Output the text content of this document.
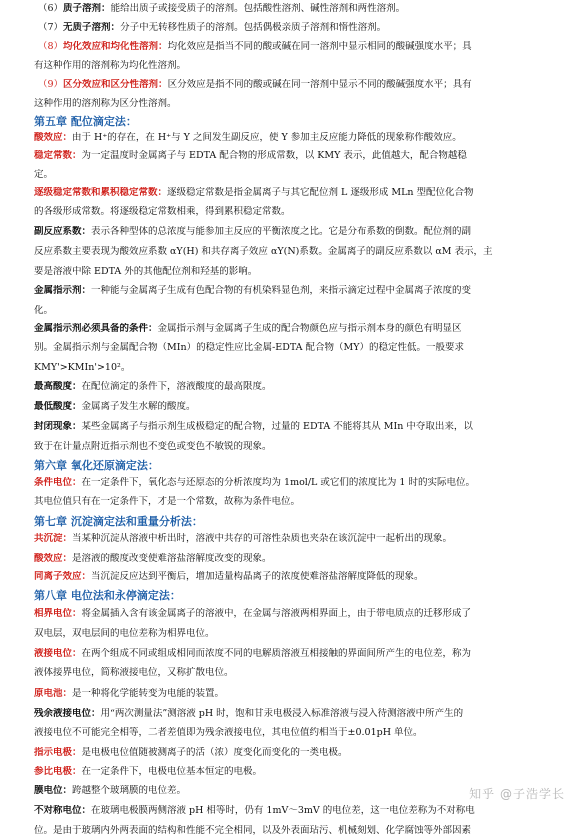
（6）质子溶剂：能给出质子或接受质子的溶剂。包括酸性溶剂、碱性溶剂和两性溶剂。
（7）无质子溶剂：分子中无转移性质子的溶剂。包括偶极亲质子溶剂和惰性溶剂。
（8）均化效应和均化性溶剂：均化效应是指当不同的酸或碱在同一溶剂中显示相同的酸碱强度水平；具
有这种作用的溶剂称为均化性溶剂。
（9）区分效应和区分性溶剂：区分效应是指不同的酸或碱在同一溶剂中显示不同的酸碱强度水平；具有
这种作用的溶剂称为区分性溶剂。
第五章 配位滴定法：
酸效应：由于 H⁺的存在，在 H⁺与 Y 之间发生副反应，使 Y 参加主反应能力降低的现象称作酸效应。
稳定常数：为一定温度时金属离子与 EDTA 配合物的形成常数，以 KMY 表示，此值越大，配合物越稳
定。
逐级稳定常数和累积稳定常数：逐级稳定常数是指金属离子与其它配位剂 L 逐级形成 MLn 型配位化合物
的各级形成常数。将逐级稳定常数相乘，得到累积稳定常数。
副反应系数：表示各种型体的总浓度与能参加主反应的平衡浓度之比。它是分布系数的倒数。配位剂的副
反应系数主要表现为酸效应系数 αY(H) 和共存离子效应 αY(N)系数。金属离子的副反应系数以 αM 表示，主
要是溶液中除 EDTA 外的其他配位剂和羟基的影响。
金属指示剂：一种能与金属离子生成有色配合物的有机染料显色剂，来指示滴定过程中金属离子浓度的变
化。
金属指示剂必须具备的条件：金属指示剂与金属离子生成的配合物颜色应与指示剂本身的颜色有明显区
别。金属指示剂与金属配合物（MIn）的稳定性应比金属-EDTA 配合物（MY）的稳定性低。一般要求
KMY'>KMIn'>10²。
最高酸度：在配位滴定的条件下，溶液酸度的最高限度。
最低酸度：金属离子发生水解的酸度。
封闭现象：某些金属离子与指示剂生成极稳定的配合物，过量的 EDTA 不能将其从 MIn 中夺取出来，以
致于在计量点附近指示剂也不变色或变色不敏锐的现象。
第六章 氧化还原滴定法：
条件电位：在一定条件下，氧化态与还原态的分析浓度均为 1mol/L 或它们的浓度比为 1 时的实际电位。
其电位值只有在一定条件下，才是一个常数，故称为条件电位。
第七章 沉淀滴定法和重量分析法：
共沉淀：当某种沉淀从溶液中析出时，溶液中共存的可溶性杂质也夹杂在该沉淀中一起析出的现象。
酸效应：是溶液的酸度改变使难溶盐溶解度改变的现象。
同离子效应：当沉淀反应达到平衡后，增加适量构晶离子的浓度使难溶盐溶解度降低的现象。
第八章 电位法和永停滴定法：
相界电位：将金属插入含有该金属离子的溶液中，在金属与溶液两相界面上，由于带电质点的迁移形成了
双电层，双电层间的电位差称为相界电位。
液接电位：在两个组成不同或组成相同而浓度不同的电解质溶液互相接触的界面间所产生的电位差，称为
液体接界电位，简称液接电位，又称扩散电位。
原电池：是一种将化学能转变为电能的装置。
残余液接电位：用“两次测量法”测溶液 pH 时，饱和甘汞电极浸入标准溶液与浸入待测溶液中所产生的
液接电位不可能完全相等，二者差值即为残余液接电位，其电位值约相当于±0.01pH 单位。
指示电极：是电极电位值随被测离子的活（浓）度变化而变化的一类电极。
参比电极：在一定条件下，电极电位基本恒定的电极。
膜电位：跨越整个玻璃膜的电位差。
不对称电位：在玻璃电极膜两侧溶液 pH 相等时，仍有 1mV～3mV 的电位差，这一电位差称为不对称电
位。是由于玻璃内外两表面的结构和性能不完全相同，以及外表面玷污、机械刻划、化学腐蚀等外部因素
知乎 @子浩学长
